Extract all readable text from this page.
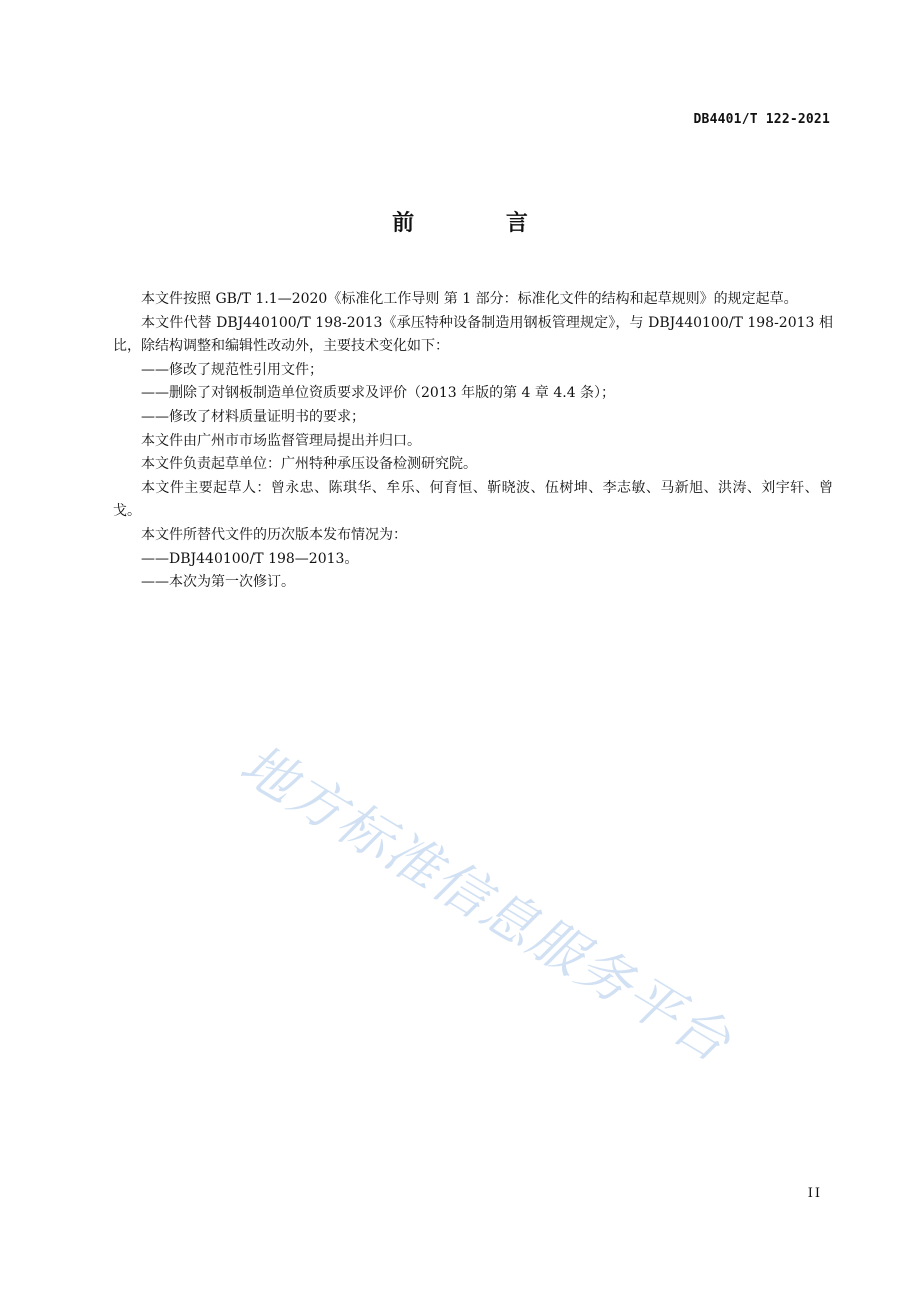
DB4401/T 122-2021
前 言

本文件按照 GB/T 1.1—2020《标准化工作导则 第 1 部分：标准化文件的结构和起草规则》的规定起草。

本文件代替 DBJ440100/T 198-2013《承压特种设备制造用钢板管理规定》，与 DBJ440100/T 198-2013 相比，除结构调整和编辑性改动外，主要技术变化如下：

——修改了规范性引用文件；

——删除了对钢板制造单位资质要求及评价（2013 年版的第 4 章 4.4 条）；

——修改了材料质量证明书的要求；

本文件由广州市市场监督管理局提出并归口。

本文件负责起草单位：广州特种承压设备检测研究院。

本文件主要起草人：曾永忠、陈琪华、牟乐、何育恒、靳晓波、伍树坤、李志敏、马新旭、洪涛、刘宇轩、曾戈。

本文件所替代文件的历次版本发布情况为：

——DBJ440100/T 198—2013。

——本次为第一次修订。

地方标准信息服务平台
II
